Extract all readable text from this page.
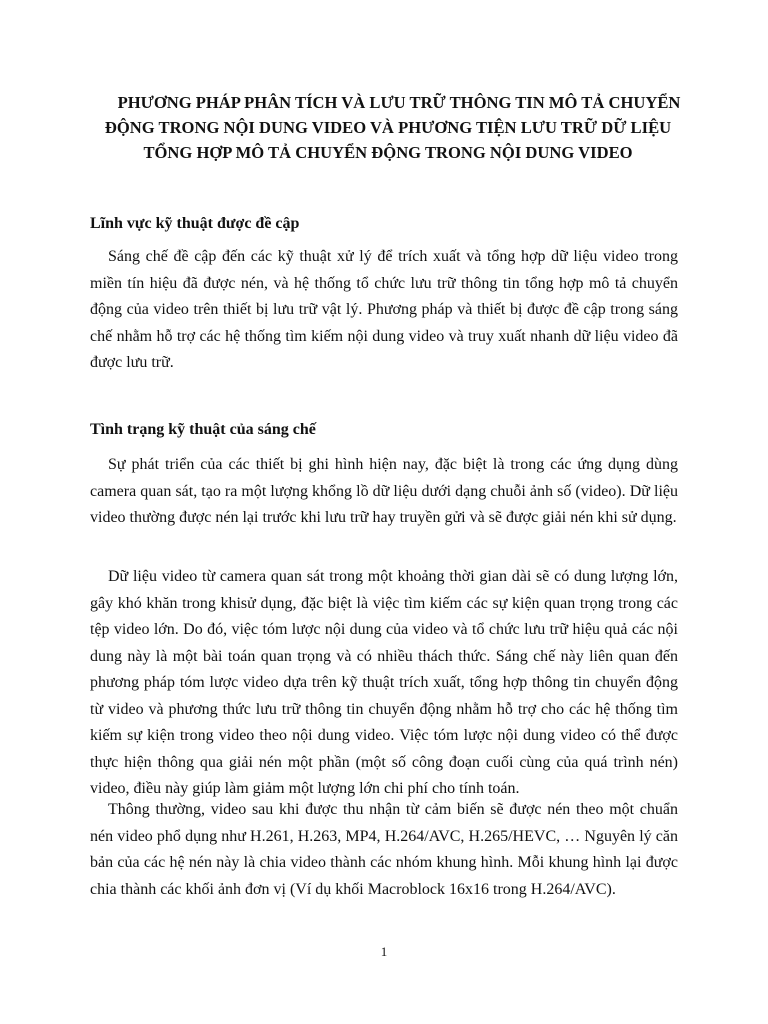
PHƯƠNG PHÁP PHÂN TÍCH VÀ LƯU TRỮ THÔNG TIN MÔ TẢ CHUYỂN ĐỘNG TRONG NỘI DUNG VIDEO VÀ PHƯƠNG TIỆN LƯU TRỮ DỮ LIỆU TỔNG HỢP MÔ TẢ CHUYỂN ĐỘNG TRONG NỘI DUNG VIDEO
Lĩnh vực kỹ thuật được đề cập

Sáng chế đề cập đến các kỹ thuật xử lý để trích xuất và tổng hợp dữ liệu video trong miền tín hiệu đã được nén, và hệ thống tổ chức lưu trữ thông tin tổng hợp mô tả chuyển động của video trên thiết bị lưu trữ vật lý. Phương pháp và thiết bị được đề cập trong sáng chế nhằm hỗ trợ các hệ thống tìm kiếm nội dung video và truy xuất nhanh dữ liệu video đã được lưu trữ.

Tình trạng kỹ thuật của sáng chế

Sự phát triển của các thiết bị ghi hình hiện nay, đặc biệt là trong các ứng dụng dùng camera quan sát, tạo ra một lượng khổng lồ dữ liệu dưới dạng chuỗi ảnh số (video). Dữ liệu video thường được nén lại trước khi lưu trữ hay truyền gửi và sẽ được giải nén khi sử dụng.

Dữ liệu video từ camera quan sát trong một khoảng thời gian dài sẽ có dung lượng lớn, gây khó khăn trong khisử dụng, đặc biệt là việc tìm kiếm các sự kiện quan trọng trong các tệp video lớn. Do đó, việc tóm lược nội dung của video và tổ chức lưu trữ hiệu quả các nội dung này là một bài toán quan trọng và có nhiều thách thức. Sáng chế này liên quan đến phương pháp tóm lược video dựa trên kỹ thuật trích xuất, tổng hợp thông tin chuyển động từ video và phương thức lưu trữ thông tin chuyển động nhằm hỗ trợ cho các hệ thống tìm kiếm sự kiện trong video theo nội dung video. Việc tóm lược nội dung video có thể được thực hiện thông qua giải nén một phần (một số công đoạn cuối cùng của quá trình nén) video, điều này giúp làm giảm một lượng lớn chi phí cho tính toán.

Thông thường, video sau khi được thu nhận từ cảm biến sẽ được nén theo một chuẩn nén video phổ dụng như H.261, H.263, MP4, H.264/AVC, H.265/HEVC, … Nguyên lý căn bản của các hệ nén này là chia video thành các nhóm khung hình. Mỗi khung hình lại được chia thành các khối ảnh đơn vị (Ví dụ khối Macroblock 16x16 trong H.264/AVC).

1
